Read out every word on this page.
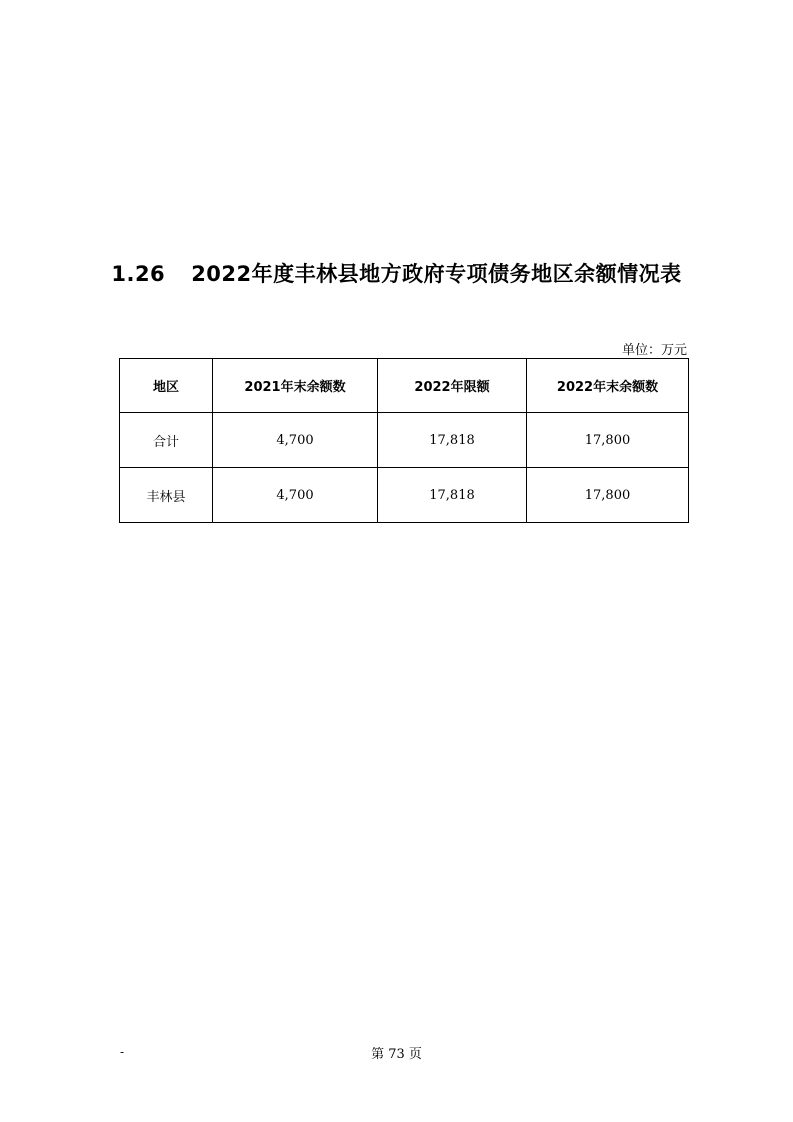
1.26 2022年度丰林县地方政府专项债务地区余额情况表
单位：万元
地区	2021年末余额数	2022年限额	2022年末余额数
合计	4,700	17,818	17,800
丰林县	4,700	17,818	17,800
-	第 73 页
